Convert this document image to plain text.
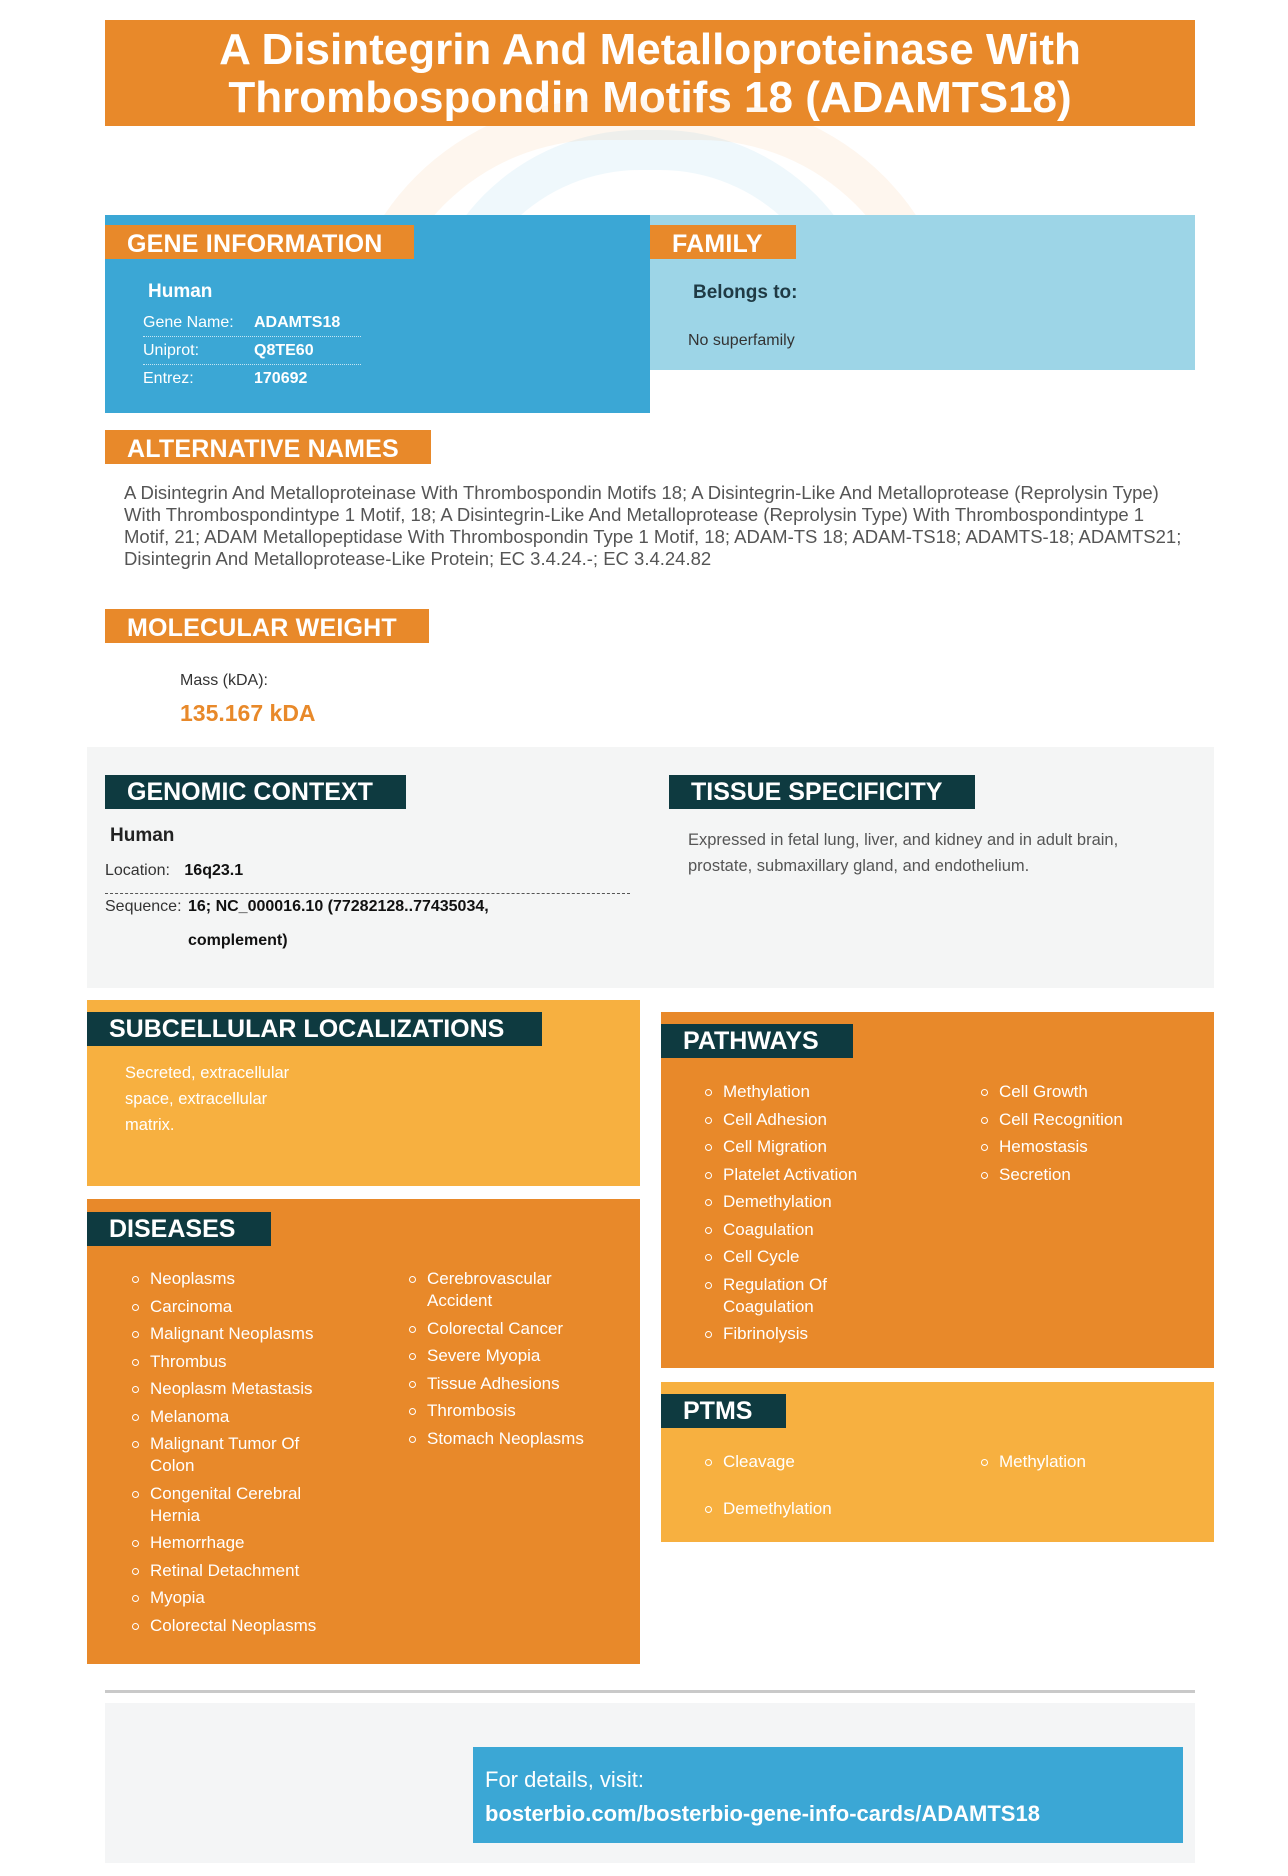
A Disintegrin And Metalloproteinase With
Thrombospondin Motifs 18 (ADAMTS18)
GENE INFORMATION
Human
Gene Name: ADAMTS18
Uniprot:	Q8TE60
Entrez:	170692
FAMILY
Belongs to:
No superfamily
ALTERNATIVE NAMES
A Disintegrin And Metalloproteinase With Thrombospondin Motifs 18; A Disintegrin-Like And Metalloprotease (Reprolysin Type) With Thrombospondintype 1 Motif, 18; A Disintegrin-Like And Metalloprotease (Reprolysin Type) With Thrombospondintype 1 Motif, 21; ADAM Metallopeptidase With Thrombospondin Type 1 Motif, 18; ADAM-TS 18; ADAM-TS18; ADAMTS-18; ADAMTS21; Disintegrin And Metalloprotease-Like Protein; EC 3.4.24.-; EC 3.4.24.82
MOLECULAR WEIGHT
Mass (kDA):
135.167 kDA
GENOMIC CONTEXT
Human
Location: 16q23.1
Sequence: 16; NC_000016.10 (77282128..77435034,
complement)
TISSUE SPECIFICITY
Expressed in fetal lung, liver, and kidney and in adult brain,
prostate, submaxillary gland, and endothelium.
SUBCELLULAR LOCALIZATIONS
Secreted, extracellular
space, extracellular
matrix.
DISEASES
Neoplasms
Carcinoma
Malignant Neoplasms
Thrombus
Neoplasm Metastasis
Melanoma
Malignant Tumor Of Colon
Congenital Cerebral Hernia
Hemorrhage
Retinal Detachment
Myopia
Colorectal Neoplasms
Cerebrovascular Accident
Colorectal Cancer
Severe Myopia
Tissue Adhesions
Thrombosis
Stomach Neoplasms
PATHWAYS
Methylation
Cell Adhesion
Cell Migration
Platelet Activation
Demethylation
Coagulation
Cell Cycle
Regulation Of Coagulation
Fibrinolysis
Cell Growth
Cell Recognition
Hemostasis
Secretion
PTMS
Cleavage
Demethylation
Methylation
For details, visit:
bosterbio.com/bosterbio-gene-info-cards/ADAMTS18
